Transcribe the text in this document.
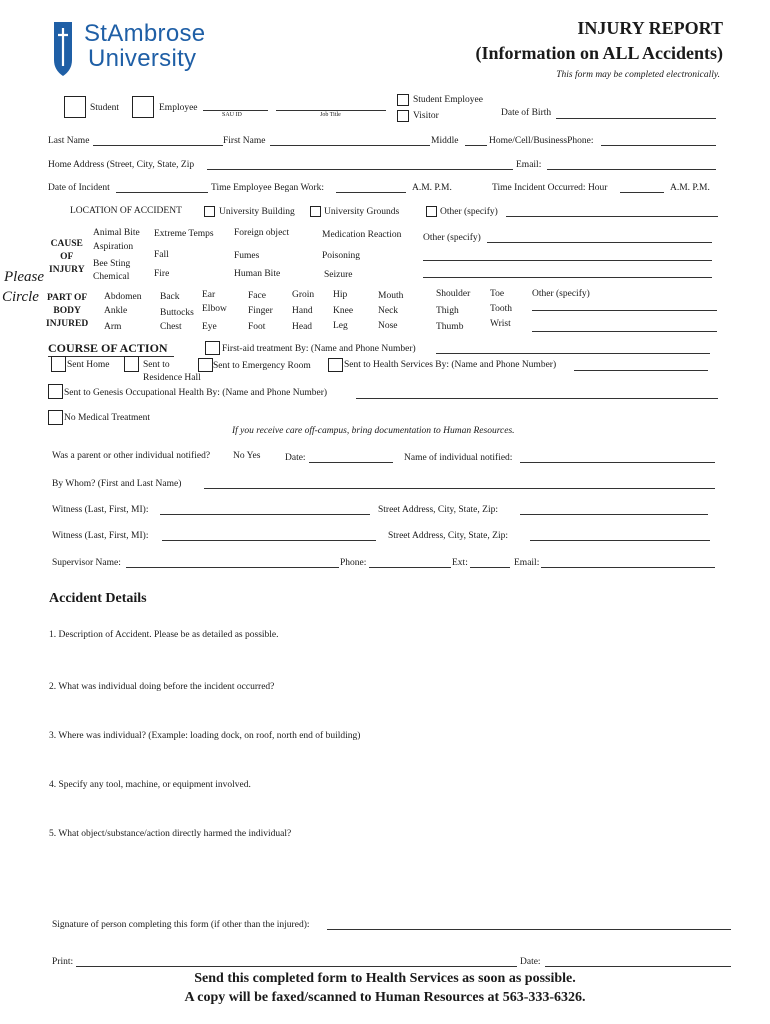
StAmbrose
University
INJURY REPORT
(Information on ALL Accidents)
This form may be completed electronically.
Student	Employee
SAU ID	Job Title
Student Employee
Visitor	Date of Birth
Last Name	First Name	Middle	Home/Cell/BusinessPhone:
Home Address (Street, City, State, Zip	Email:
Date of Incident	Time Employee Began Work:	A.M. P.M.	Time Incident Occurred: Hour	A.M. P.M.
LOCATION OF ACCIDENT	University Building	University Grounds	Other (specify)
Please
Circle
CAUSE
OF
INJURY
Animal Bite
Aspiration
Bee Sting
Chemical
Extreme Temps
Fall
Fire
Foreign object
Fumes
Human Bite
Medication Reaction
Poisoning
Seizure
Other (specify)
PART OF
BODY
INJURED
Abdomen
Ankle
Arm
Back
Buttocks
Chest
Ear
Elbow
Eye
Face
Finger
Foot
Groin
Hand
Head
Hip
Knee
Leg
Mouth
Neck
Nose
Shoulder
Thigh
Thumb
Toe
Tooth
Wrist
Other (specify)
COURSE OF ACTION	First-aid treatment By: (Name and Phone Number)
Sent Home	Sent to
Residence Hall
Sent to Emergency Room	Sent to Health Services By: (Name and Phone Number)
Sent to Genesis Occupational Health By: (Name and Phone Number)
No Medical Treatment
If you receive care off-campus, bring documentation to Human Resources.
Was a parent or other individual notified? No Yes	Date:	Name of individual notified:
By Whom? (First and Last Name)
Witness (Last, First, MI):	Street Address, City, State, Zip:
Witness (Last, First, MI):	Street Address, City, State, Zip:
Supervisor Name:	Phone:	Ext:	Email:
Accident Details
1. Description of Accident. Please be as detailed as possible.
2. What was individual doing before the incident occurred?
3. Where was individual? (Example: loading dock, on roof, north end of building)
4. Specify any tool, machine, or equipment involved.
5. What object/substance/action directly harmed the individual?
Signature of person completing this form (if other than the injured):
Print:	Date:
Send this completed form to Health Services as soon as possible.
A copy will be faxed/scanned to Human Resources at 563-333-6326.
